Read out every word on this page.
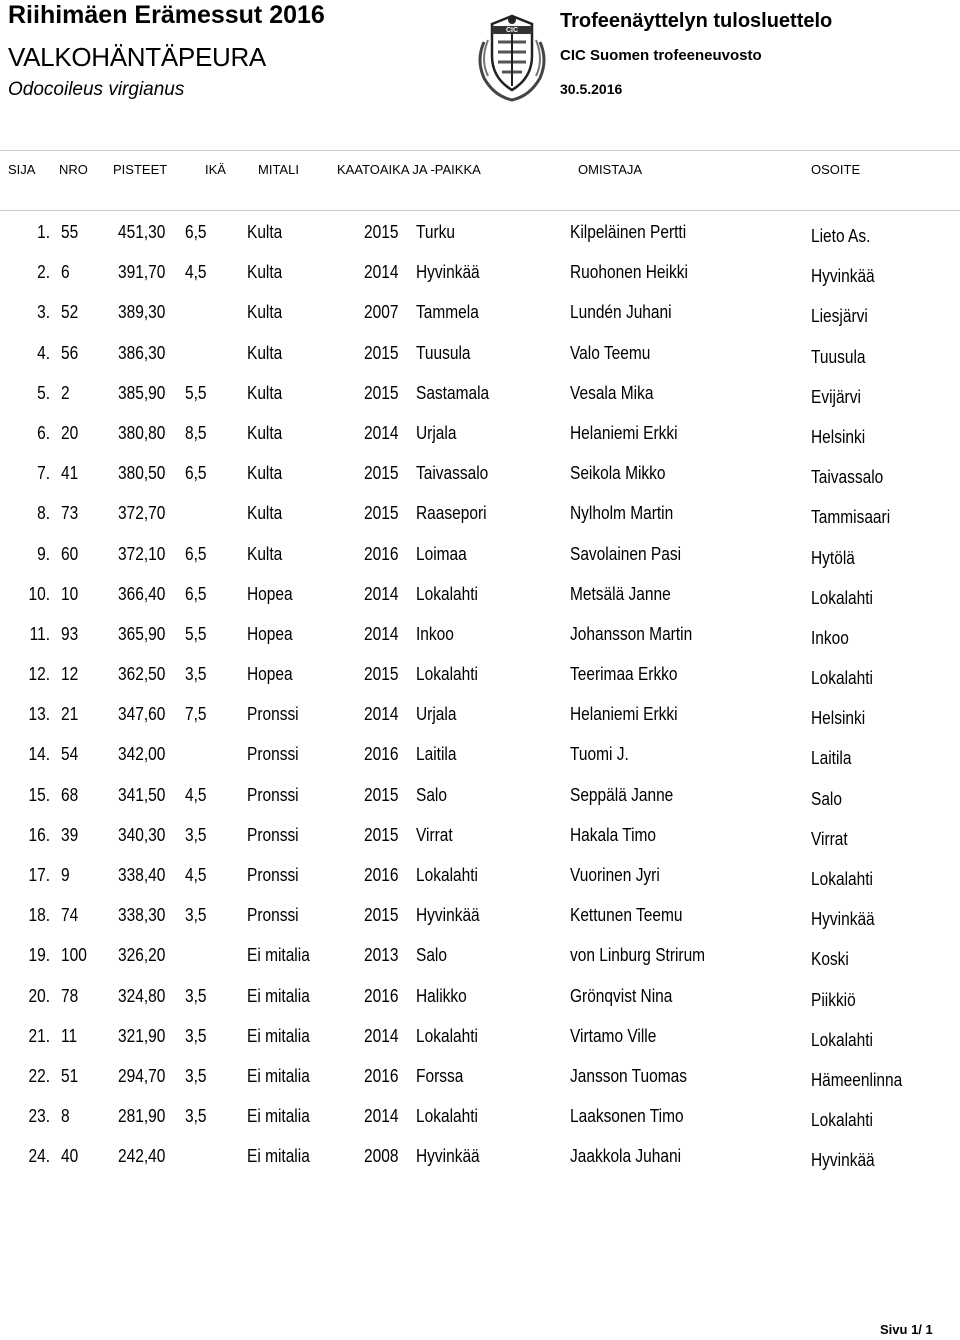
Riihimäen Erämessut 2016
VALKOHÄNTÄPEURA
Odocoileus virgianus
CIC Trofeenäyttelyn tulosluettelo
CIC Suomen trofeeneuvosto
30.5.2016
SIJA NRO PISTEET	IKÄ MITALI	KAATOAIKA JA -PAIKKA	OMISTAJA	OSOITE
1. 55 451,30 6,5 Kulta	2015 Turku	Kilpeläinen Pertti	Lieto As.
2. 6	391,70 4,5 Kulta	2014 Hyvinkää	Ruohonen Heikki	Hyvinkää
3. 52 389,30	Kulta	2007 Tammela	Lundén Juhani	Liesjärvi
4. 56 386,30	Kulta	2015 Tuusula	Valo Teemu	Tuusula
5. 2	385,90 5,5 Kulta	2015 Sastamala	Vesala Mika	Evijärvi
6. 20 380,80 8,5 Kulta	2014 Urjala	Helaniemi Erkki	Helsinki
7. 41 380,50 6,5 Kulta	2015 Taivassalo	Seikola Mikko	Taivassalo
8. 73 372,70	Kulta	2015 Raasepori	Nylholm Martin	Tammisaari
9. 60 372,10 6,5 Kulta	2016 Loimaa	Savolainen Pasi	Hytölä
10. 10 366,40 6,5 Hopea	2014 Lokalahti	Metsälä Janne	Lokalahti
11. 93 365,90 5,5 Hopea	2014 Inkoo	Johansson Martin	Inkoo
12. 12 362,50 3,5 Hopea	2015 Lokalahti	Teerimaa Erkko	Lokalahti
13. 21 347,60 7,5 Pronssi	2014 Urjala	Helaniemi Erkki	Helsinki
14. 54 342,00	Pronssi	2016 Laitila	Tuomi J.	Laitila
15. 68 341,50 4,5 Pronssi	2015 Salo	Seppälä Janne	Salo
16. 39 340,30 3,5 Pronssi	2015 Virrat	Hakala Timo	Virrat
17. 9	338,40 4,5 Pronssi	2016 Lokalahti	Vuorinen Jyri	Lokalahti
18. 74 338,30 3,5 Pronssi	2015 Hyvinkää	Kettunen Teemu	Hyvinkää
19. 100 326,20	Ei mitalia	2013 Salo	von Linburg Strirum	Koski
20. 78 324,80 3,5 Ei mitalia	2016 Halikko	Grönqvist Nina	Piikkiö
21. 11 321,90 3,5 Ei mitalia	2014 Lokalahti	Virtamo Ville	Lokalahti
22. 51 294,70 3,5 Ei mitalia	2016 Forssa	Jansson Tuomas	Hämeenlinna
23. 8	281,90 3,5 Ei mitalia	2014 Lokalahti	Laaksonen Timo	Lokalahti
24. 40 242,40	Ei mitalia	2008 Hyvinkää	Jaakkola Juhani	Hyvinkää
Sivu 1/ 1
